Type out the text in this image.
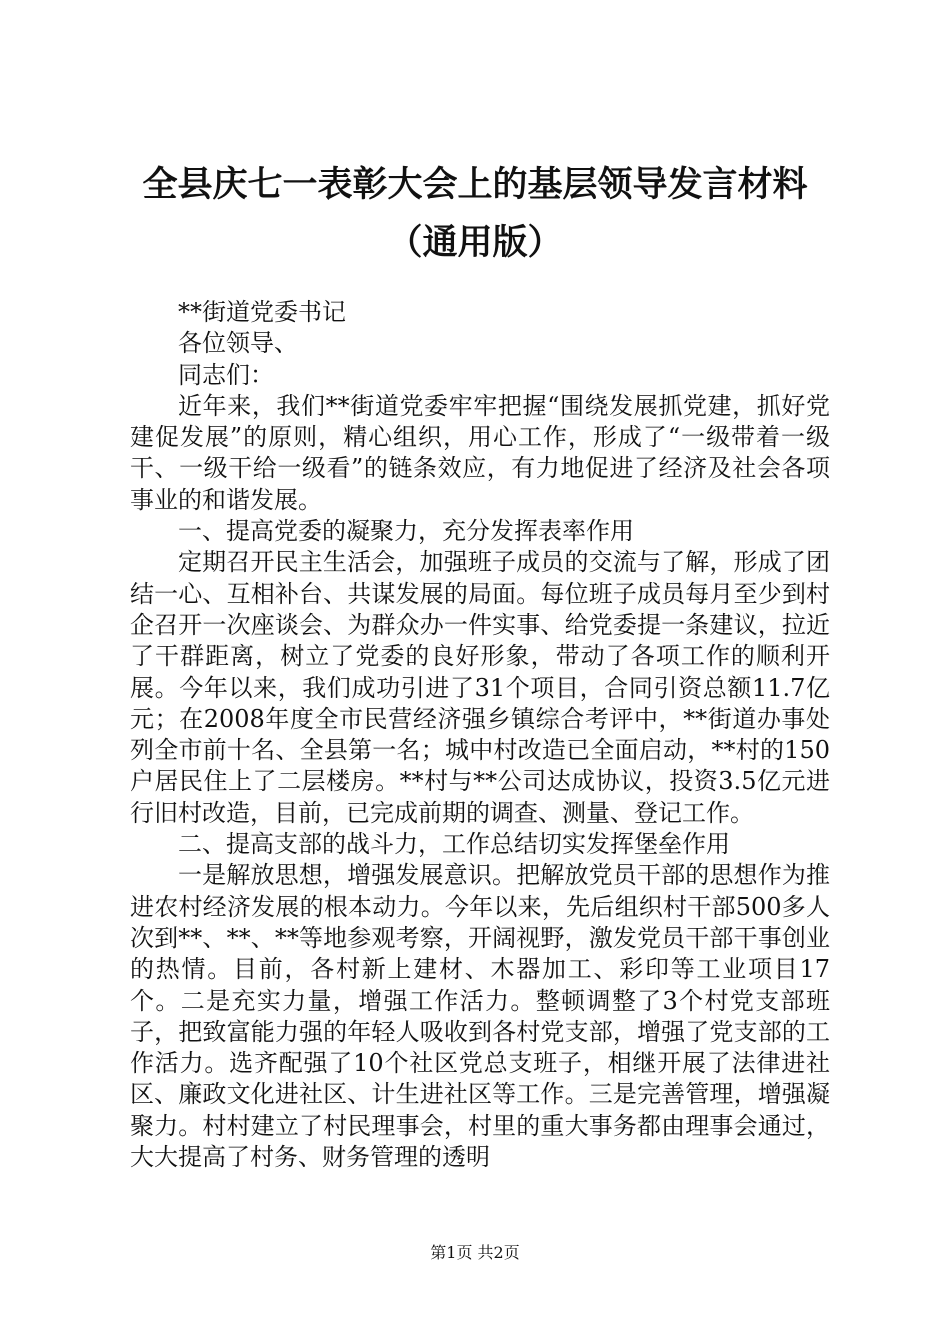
全县庆七一表彰大会上的基层领导发言材料
（通用版）

**街道党委书记

各位领导、

同志们：

近年来，我们**街道党委牢牢把握“围绕发展抓党建，抓好党建促发展”的原则，精心组织，用心工作，形成了“一级带着一级干、一级干给一级看”的链条效应，有力地促进了经济及社会各项事业的和谐发展。

一、提高党委的凝聚力，充分发挥表率作用

定期召开民主生活会，加强班子成员的交流与了解，形成了团结一心、互相补台、共谋发展的局面。每位班子成员每月至少到村企召开一次座谈会、为群众办一件实事、给党委提一条建议，拉近了干群距离，树立了党委的良好形象，带动了各项工作的顺利开展。今年以来，我们成功引进了31个项目，合同引资总额11.7亿元；在2008年度全市民营经济强乡镇综合考评中，**街道办事处列全市前十名、全县第一名；城中村改造已全面启动，**村的150户居民住上了二层楼房。**村与**公司达成协议，投资3.5亿元进行旧村改造，目前，已完成前期的调查、测量、登记工作。

二、提高支部的战斗力，工作总结切实发挥堡垒作用

一是解放思想，增强发展意识。把解放党员干部的思想作为推进农村经济发展的根本动力。今年以来，先后组织村干部500多人次到**、**、**等地参观考察，开阔视野，激发党员干部干事创业的热情。目前，各村新上建材、木器加工、彩印等工业项目17个。二是充实力量，增强工作活力。整顿调整了3个村党支部班子，把致富能力强的年轻人吸收到各村党支部，增强了党支部的工作活力。选齐配强了10个社区党总支班子，相继开展了法律进社区、廉政文化进社区、计生进社区等工作。三是完善管理，增强凝聚力。村村建立了村民理事会，村里的重大事务都由理事会通过，大大提高了村务、财务管理的透明

第1页 共2页
